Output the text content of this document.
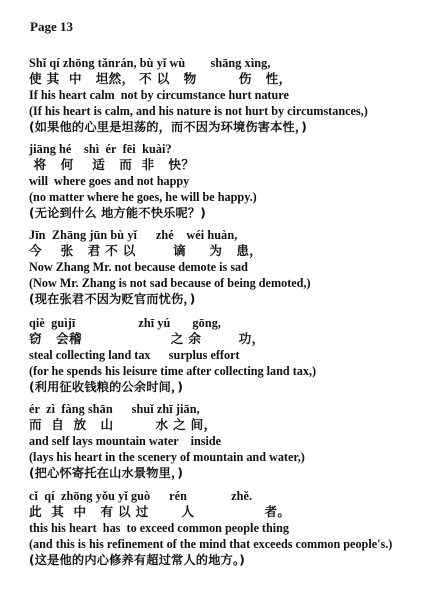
Page 13
Shǐ qí zhōng tǎnrán, bù yǐ wù        shāng xìng,
使 其  中   坦然， 不 以   物         伤   性，
If his heart calm  not by circumstance hurt nature
(If his heart is calm, and his nature is not hurt by circumstances,)
(如果他的心里是坦荡的，而不因为环境伤害本性，)
jiāng hé    shì  ér  fēi  kuài?
将   何    适   而  非   快？
will  where goes and not happy
(no matter where he goes, he will be happy.)
(无论到什么 地方能不快乐呢？)
Jīn  Zhāng jūn bù yǐ      zhé    wéi huàn,
今    张   君 不 以        谪     为   患，
Now Zhang Mr. not because demote is sad
(Now Mr. Zhang is not sad because of being demoted,)
(现在张君不因为贬官而忧伤，)
qiè  guìjī                    zhī yú       gōng,
窃   会稽                   之 余        功，
steal collecting land tax      surplus effort
(for he spends his leisure time after collecting land tax,)
(利用征收钱粮的公余时间，)
ér  zì  fàng shān      shuǐ zhī jiān,
而  自  放   山         水 之 间，
and self lays mountain water    inside
(lays his heart in the scenery of mountain and water,)
(把心怀寄托在山水景物里，)
cǐ  qí  zhōng yǒu yǐ guò      rén              zhě.
此  其  中   有 以 过       人               者。
this his heart  has  to exceed common people thing
(and this is his refinement of the mind that exceeds common people's.)
(这是他的内心修养有超过常人的地方。)
